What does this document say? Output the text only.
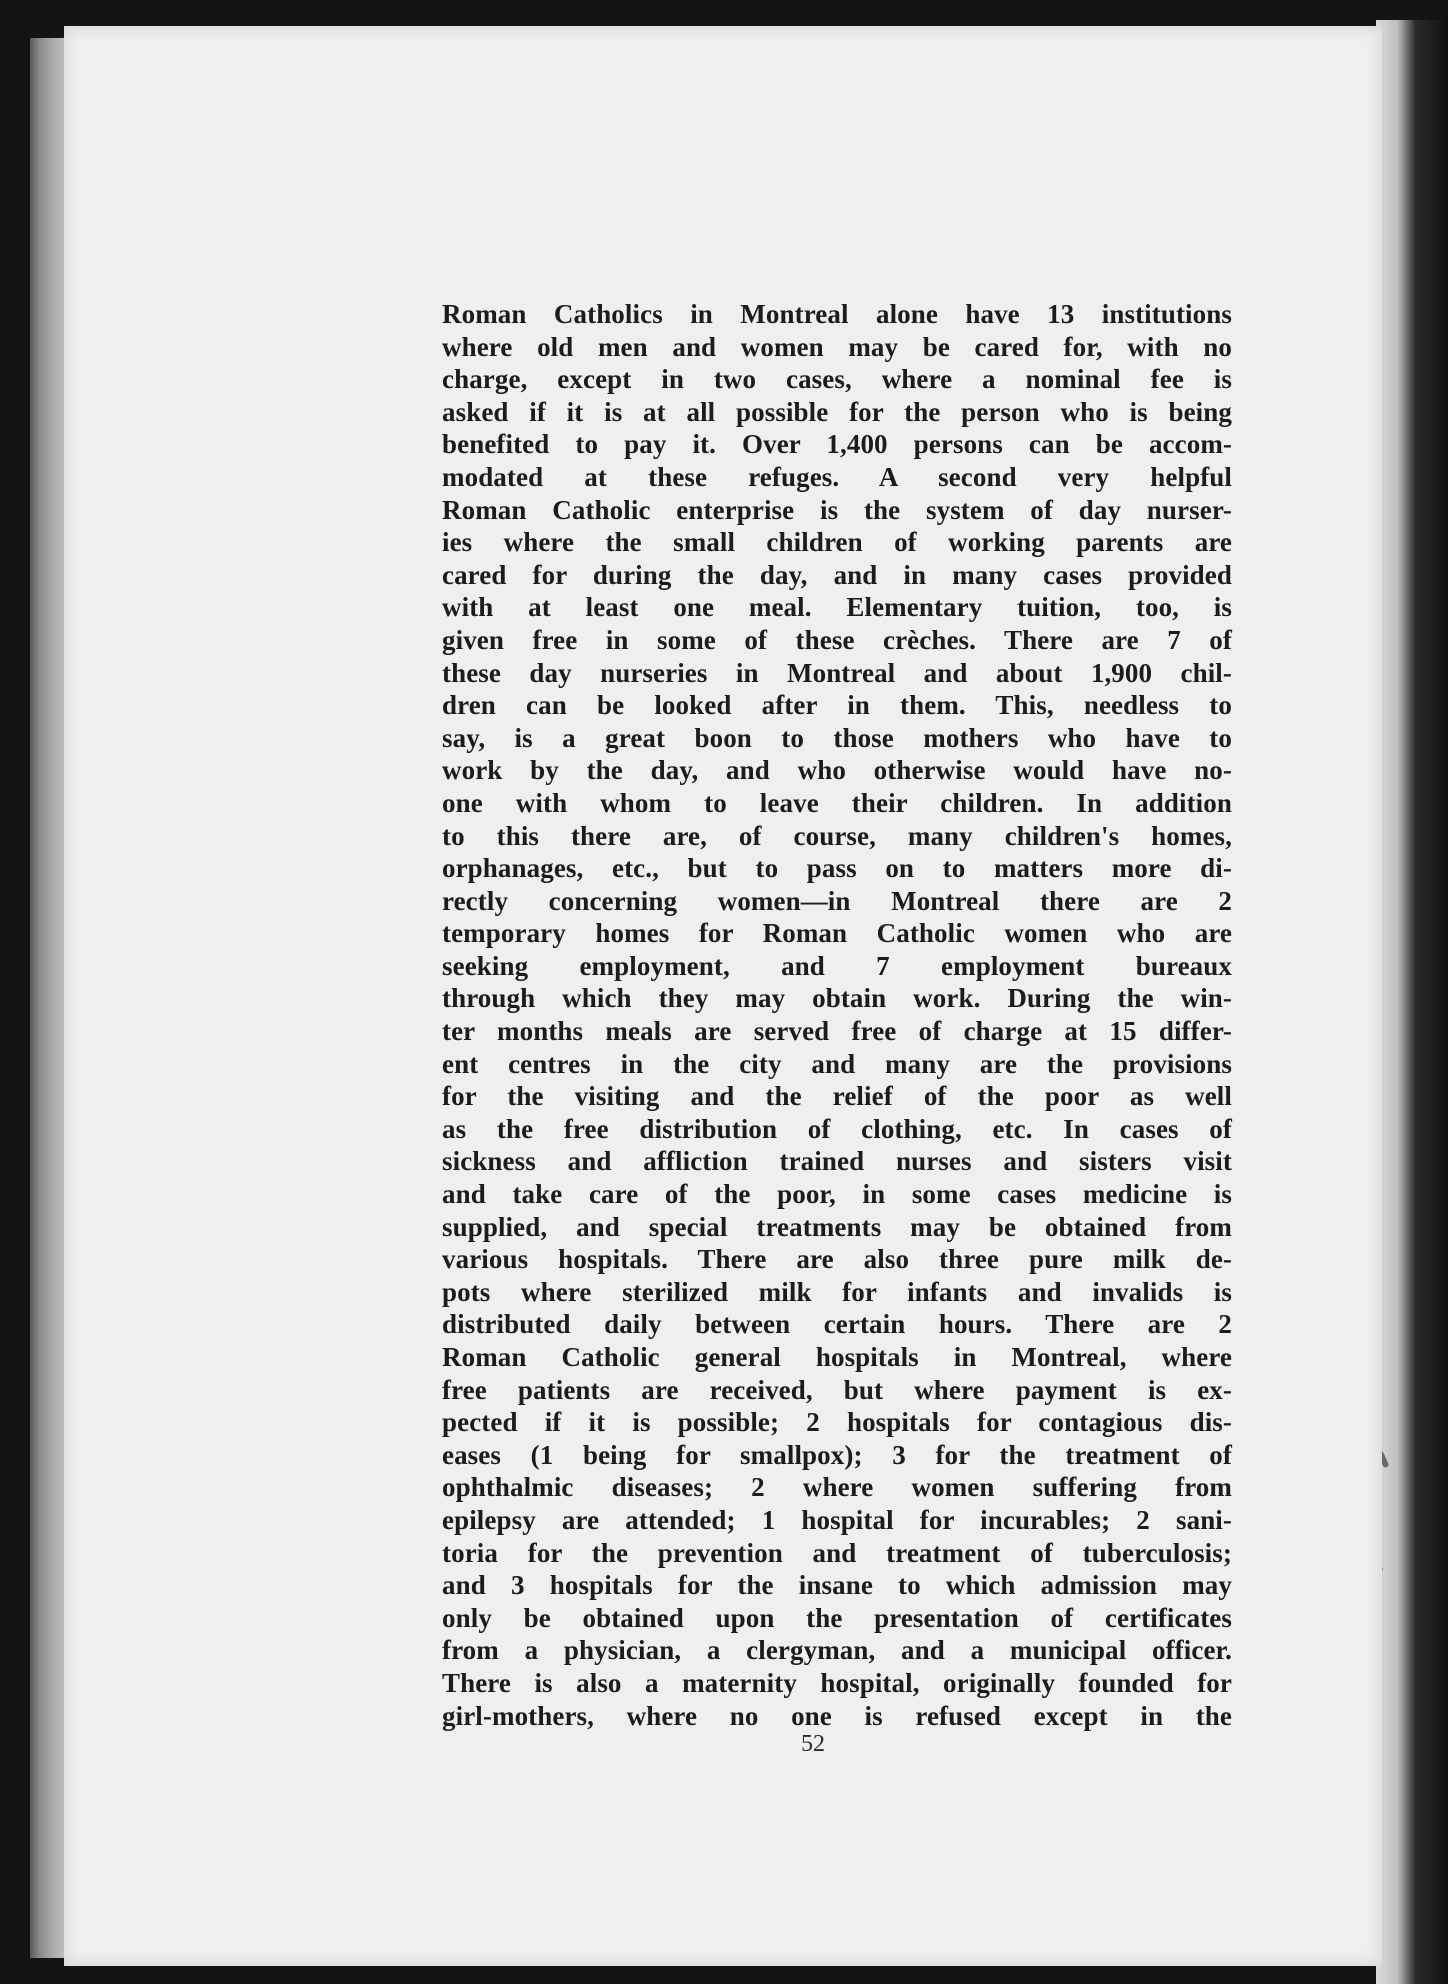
Roman Catholics in Montreal alone have 13 institutions
where old men and women may be cared for, with no
charge, except in two cases, where a nominal fee is
asked if it is at all possible for the person who is being
benefited to pay it. Over 1,400 persons can be accom-
modated at these refuges. A second very helpful
Roman Catholic enterprise is the system of day nurser-
ies where the small children of working parents are
cared for during the day, and in many cases provided
with at least one meal. Elementary tuition, too, is
given free in some of these crèches. There are 7 of
these day nurseries in Montreal and about 1,900 chil-
dren can be looked after in them. This, needless to
say, is a great boon to those mothers who have to
work by the day, and who otherwise would have no-
one with whom to leave their children. In addition
to this there are, of course, many children's homes,
orphanages, etc., but to pass on to matters more di-
rectly concerning women—in Montreal there are 2
temporary homes for Roman Catholic women who are
seeking employment, and 7 employment bureaux
through which they may obtain work. During the win-
ter months meals are served free of charge at 15 differ-
ent centres in the city and many are the provisions
for the visiting and the relief of the poor as well
as the free distribution of clothing, etc. In cases of
sickness and affliction trained nurses and sisters visit
and take care of the poor, in some cases medicine is
supplied, and special treatments may be obtained from
various hospitals. There are also three pure milk de-
pots where sterilized milk for infants and invalids is
distributed daily between certain hours. There are 2
Roman Catholic general hospitals in Montreal, where
free patients are received, but where payment is ex-
pected if it is possible; 2 hospitals for contagious dis-
eases (1 being for smallpox); 3 for the treatment of
ophthalmic diseases; 2 where women suffering from
epilepsy are attended; 1 hospital for incurables; 2 sani-
toria for the prevention and treatment of tuberculosis;
and 3 hospitals for the insane to which admission may
only be obtained upon the presentation of certificates
from a physician, a clergyman, and a municipal officer.
There is also a maternity hospital, originally founded for
girl-mothers, where no one is refused except in the
52
